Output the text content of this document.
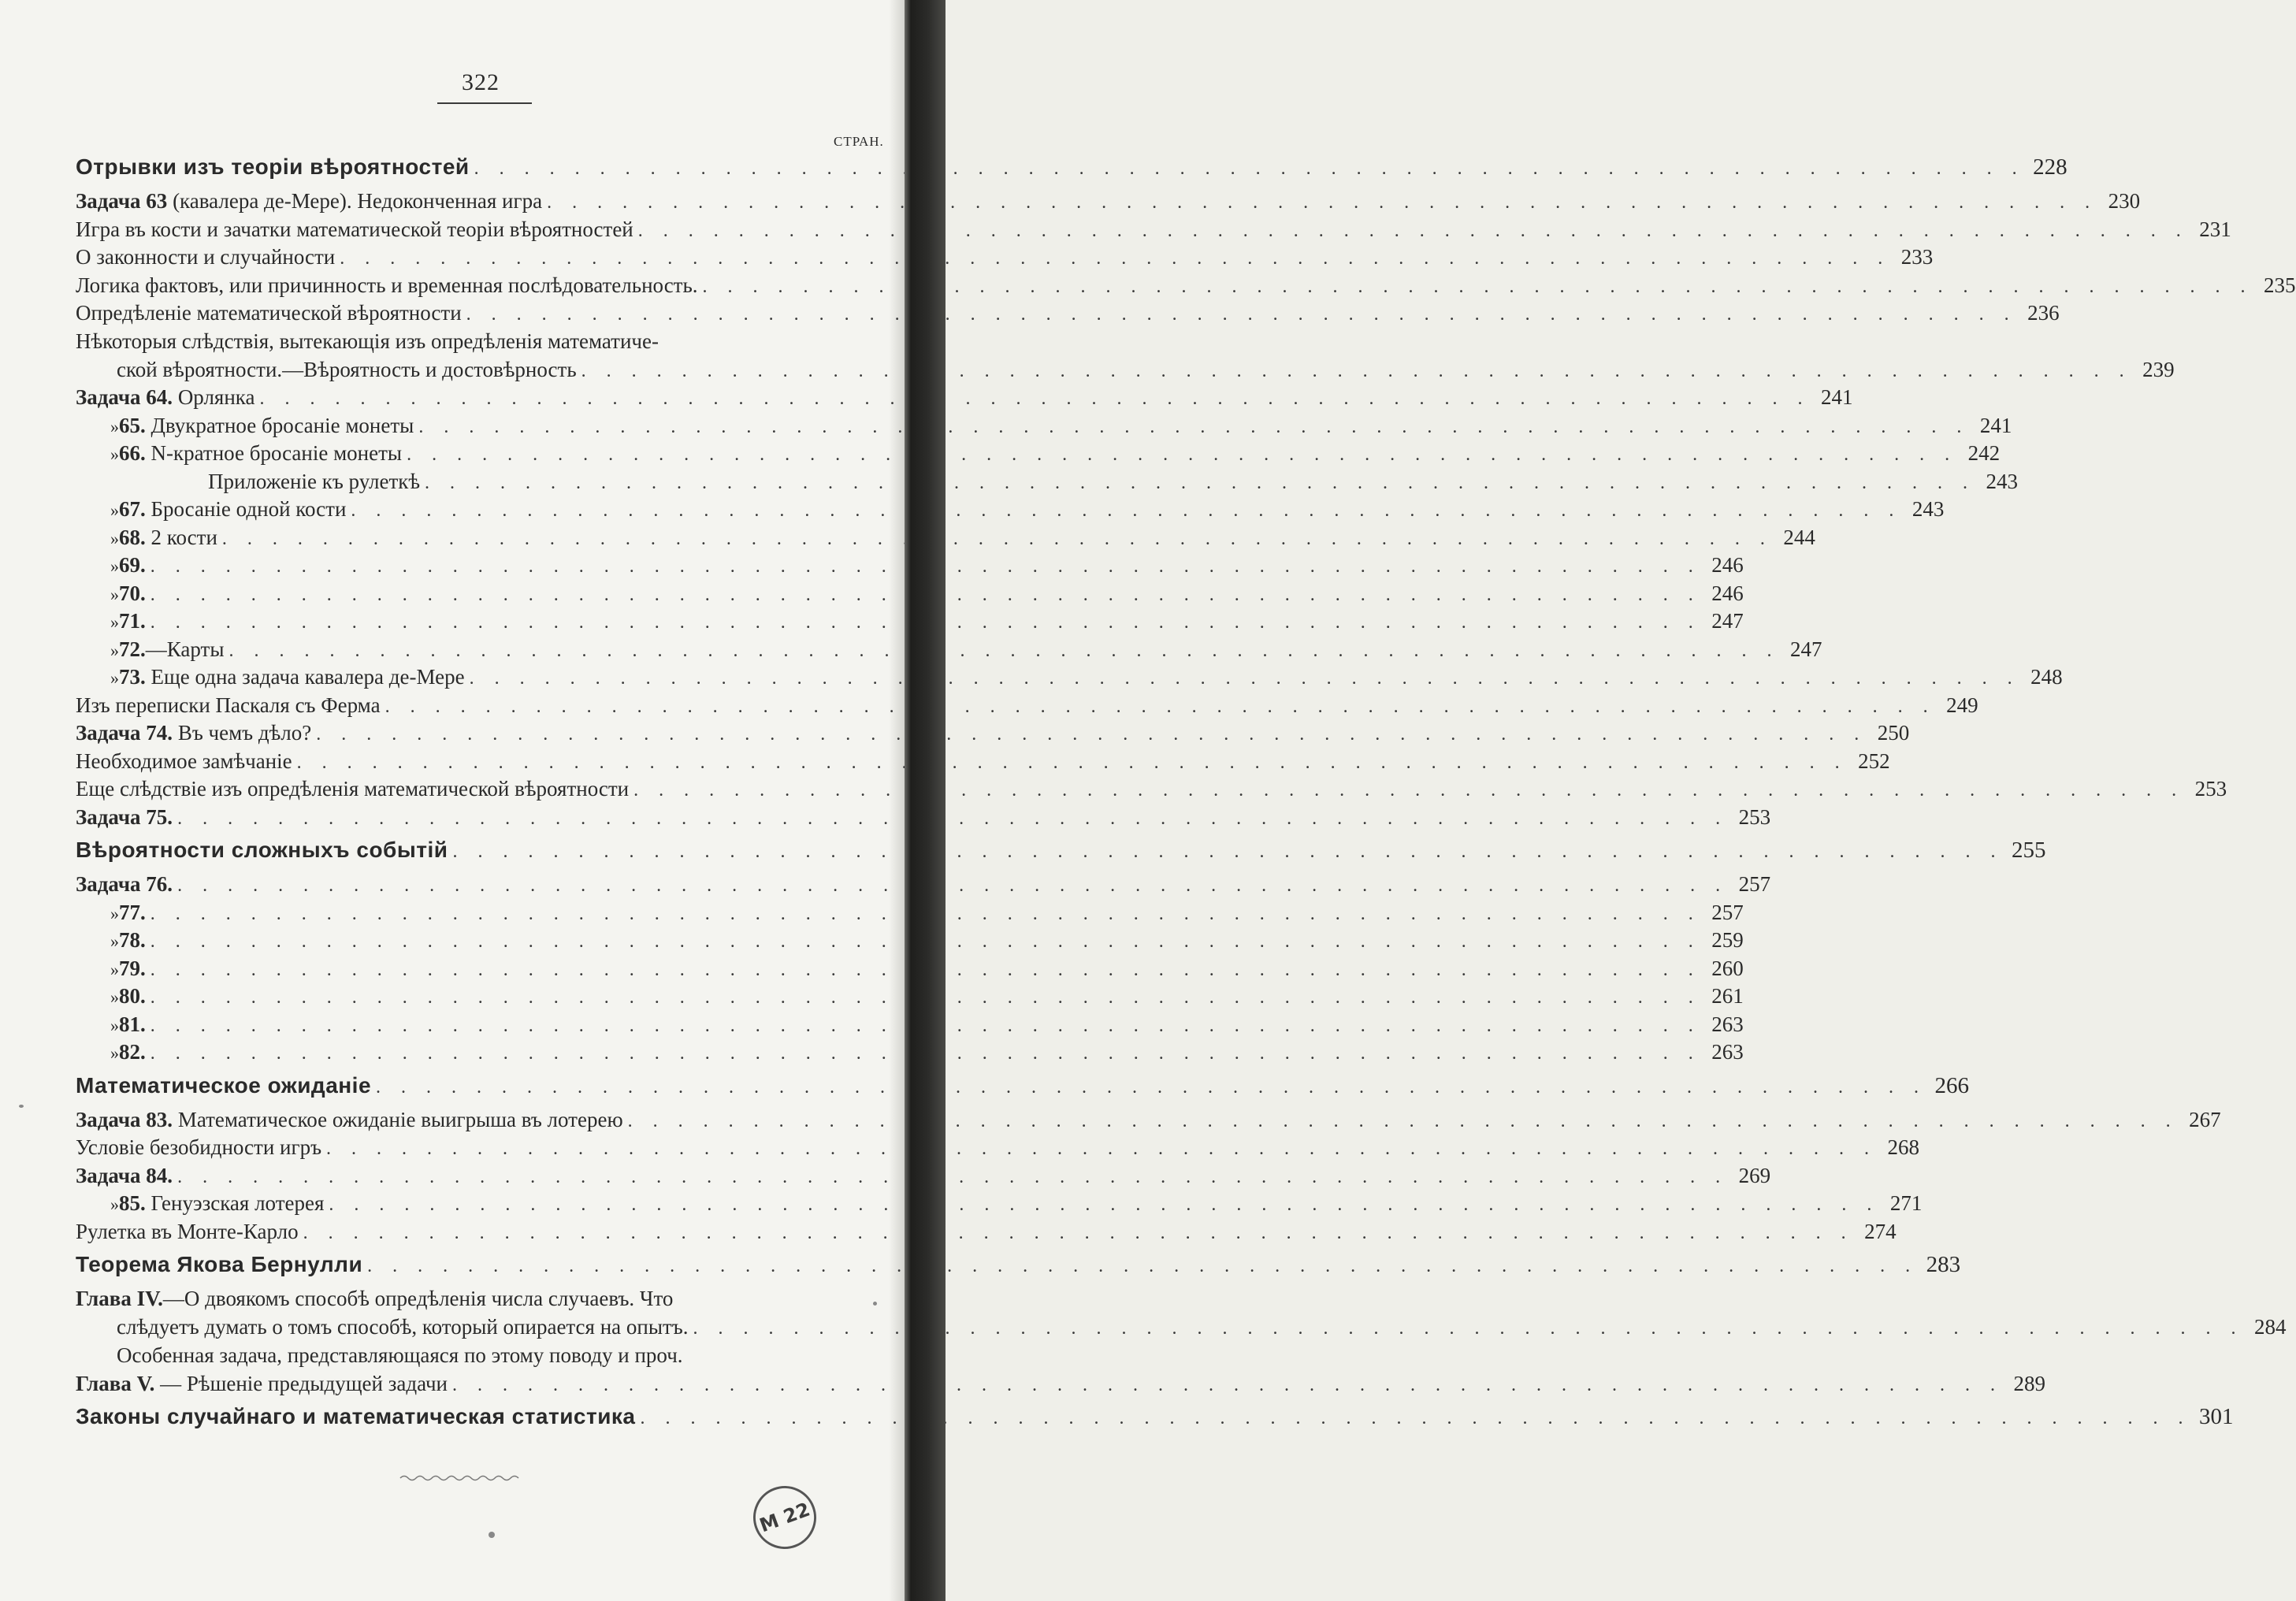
322
СТРАН.
Отрывки изъ теоріи вѣроятностей . . .	228
Задача 63 (кавалера де-Мере). Недоконченная игра . . .	230
Игра въ кости и зачатки математической теоріи вѣроятностей . . .	231
О законности и случайности . . .	233
Логика фактовъ, или причинность и временная послѣдовательность. . . .	235
Опредѣленіе математической вѣроятности . . .	236
Нѣкоторыя слѣдствія, вытекающія изъ опредѣленія математиче-
ской вѣроятности.—Вѣроятность и достовѣрность . . .	239
Задача 64. Орлянка . . .	241
» 65. Двукратное бросаніе монеты . . .	241
» 66. N-кратное бросаніе монеты . . .	242
Приложеніе къ рулеткѣ . . .	243
» 67. Бросаніе одной кости . . .	243
» 68. 2 кости . . .	244
» 69. . . .	246
» 70. . . .	246
» 71. . . .	247
» 72.—Карты . . .	247
» 73. Еще одна задача кавалера де-Мере . . .	248
Изъ переписки Паскаля съ Ферма . . .	249
Задача 74. Въ чемъ дѣло? . . .	250
Необходимое замѣчаніе . . .	252
Еще слѣдствіе изъ опредѣленія математической вѣроятности . . .	253
Задача 75. . . .	253
Вѣроятности сложныхъ событій . . .	255
Задача 76. . . .	257
» 77. . . .	257
» 78. . . .	259
» 79. . . .	260
» 80. . . .	261
» 81. . . .	263
» 82. . . .	263
Математическое ожиданіе . . .	266
Задача 83. Математическое ожиданіе выигрыша въ лотерею . . .	267
Условіе безобидности игръ . . .	268
Задача 84. . . .	269
» 85. Генуэзская лотерея . . .	271
Рулетка въ Монте-Карло . . .	274
Теорема Якова Бернулли . . .	283
Глава IV.—О двоякомъ способѣ опредѣленія числа случаевъ. Что
слѣдуетъ думать о томъ способѣ, который опирается на опытъ. . . .	284
Особенная задача, представляющаяся по этому поводу и проч.
Глава V. — Рѣшеніе предыдущей задачи . . .	289
Законы случайнаго и математическая статистика . . .	301
M 22
